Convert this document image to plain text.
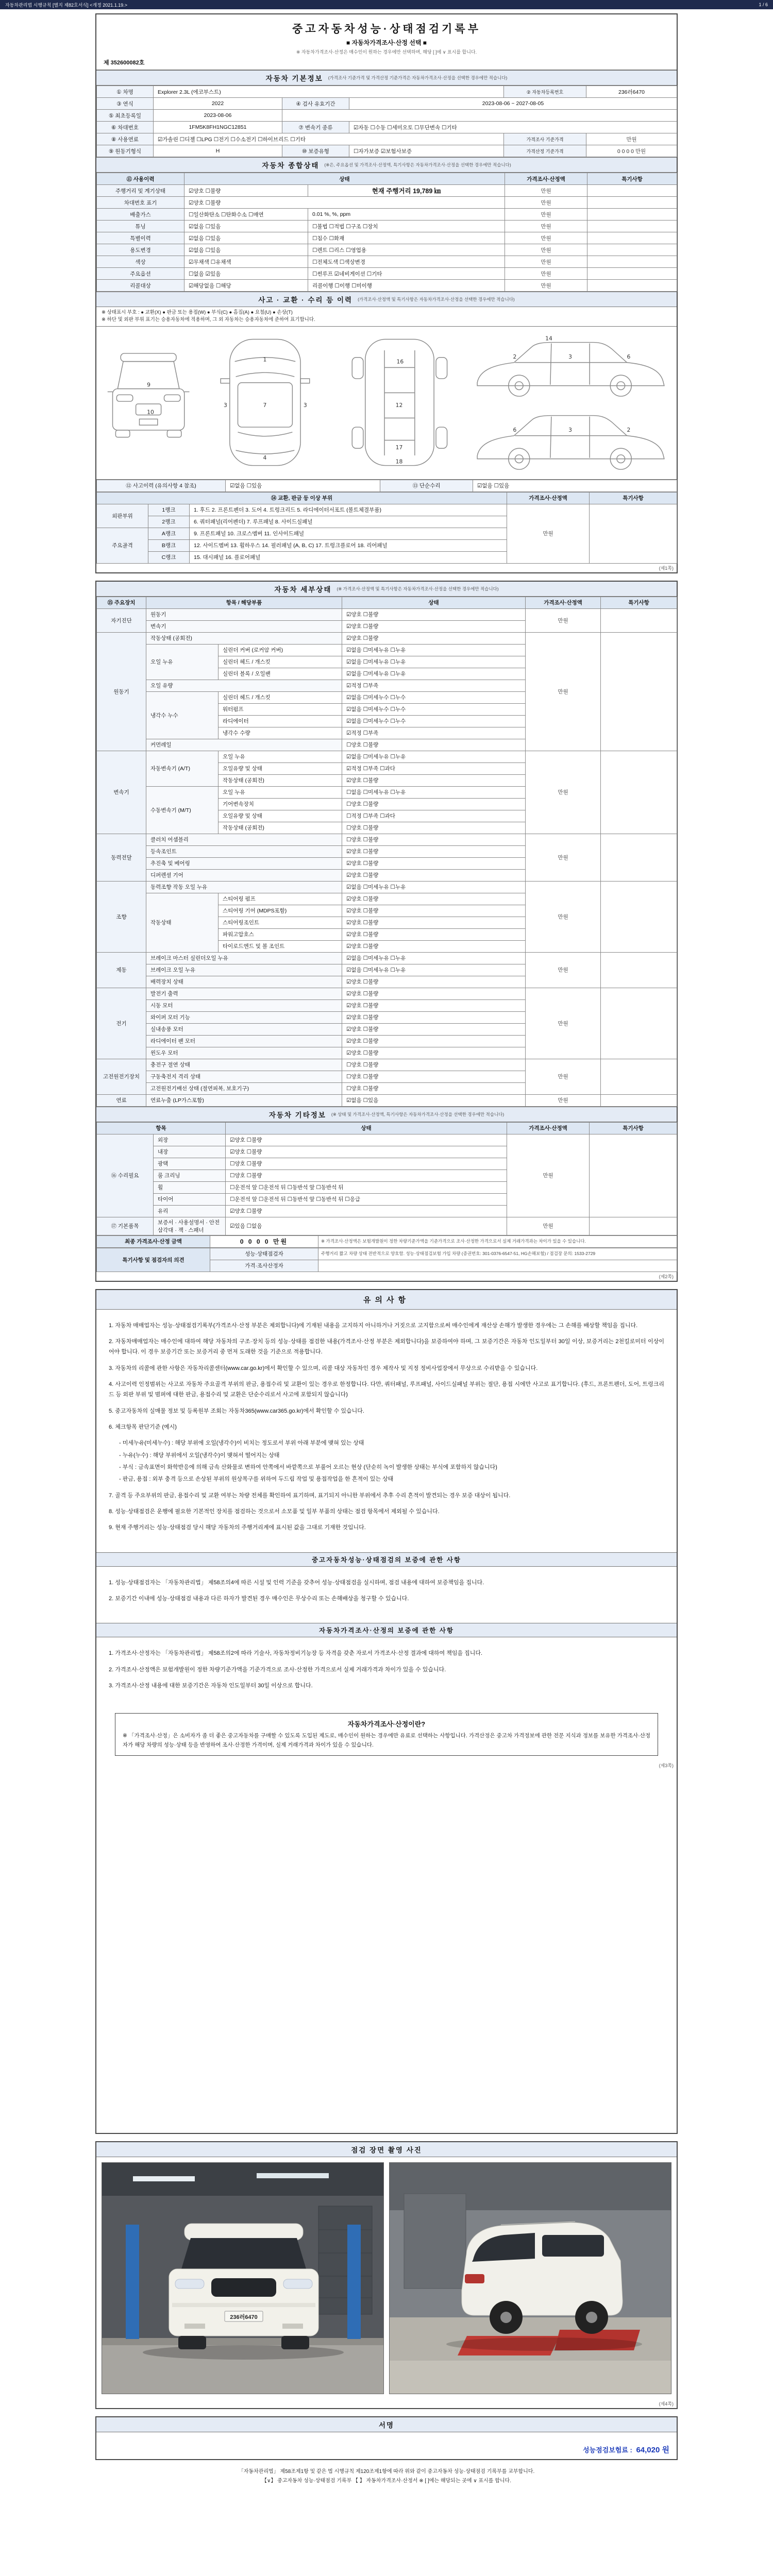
자동차관리법 시행규칙 [별지 제82호서식] <개정 2021.1.19.>	1 / 6
중고자동차성능·상태점검기록부
■ 자동차가격조사·산정 선택 ■
※ 자동차가격조사·산정은 매수인이 원하는 경우에만 선택하며, 해당 [ ]에 ∨ 표시를 합니다.
제 352600082호
자동차 기본정보 (가격조사 기준가격 및 가격산정 기준가격은 자동차가격조사·산정을 선택한 경우에만 적습니다)
① 차명	Explorer 2.3L (에코부스트)			② 자동차등록번호	236러6470
③ 연식	2022	④ 검사 유효기간	2023-08-06 ~ 2027-08-05		
⑤ 최초등록일	2023-08-06				
⑥ 차대번호	1FM5K8FH1NGC12851	⑦ 변속기 종류	☑자동 ☐수동 ☐세미오토 ☐무단변속 ☐기타		
⑧ 사용연료	☑가솔린 ☐디젤 ☐LPG ☐전기 ☐수소전기 ☐하이브리드 ☐기타			가격조사 기준가격	만원
⑨ 원동기형식	H	⑩ 보증유형	☐자가보증 ☑보험사보증	가격산정 기준가격	0 0 0 0 만원
자동차 종합상태 (※은, 주요옵션 및 가격조사·산정액, 특기사항은 자동차가격조사·산정을 선택한 경우에만 적습니다)
⑪ 사용이력	상태		가격조사·산정액	특기사항
주행거리 및 계기상태	☑양호 ☐불량	현재 주행거리 19,789 ㎞	만원	
차대번호 표기	☑양호 ☐불량		만원	
배출가스	☐일산화탄소 ☐탄화수소 ☐매연	0.01 %, %, ppm	만원	
튜닝	☑없음 ☐있음	☐불법 ☐적법 ☐구조 ☐장치	만원	
특별이력	☑없음 ☐있음	☐침수 ☐화재	만원	
용도변경	☑없음 ☐있음	☐렌트 ☐리스 ☐영업용	만원	
색상	☑무채색 ☐유채색	☐전체도색 ☐색상변경	만원	
주요옵션	☐없음 ☑있음	☐썬루프 ☑네비게이션 ☐기타	만원	
리콜대상	☑해당없음 ☐해당	리콜이행 ☐이행 ☐미이행	만원	
사고 · 교환 · 수리 등 이력 (가격조사·산정액 및 특기사항은 자동차가격조사·산정을 선택한 경우에만 적습니다)
※ 상태표시 부호 : ● 교환(X) ● 판금 또는 용접(W) ● 부식(C) ● 흠집(A) ● 요철(U) ● 손상(T)
※ 하단 및 외판 부위 표기는 승용자동차에 적용하며, 그 외 자동차는 승용자동차에 준하여 표기합니다.
9
10
1
7
4
3	3
16
12
17
18
2	3	6
14
6	3	2
⑫ 사고이력 (유의사항 4 참조)	☑없음 ☐있음	⑬ 단순수리	☑없음 ☐있음
⑭ 교환, 판금 등 이상 부위			가격조사·산정액	특기사항
외판부위	1랭크	1. 후드 2. 프론트펜더 3. 도어 4. 트렁크리드 5. 라디에이터서포트 (볼트체결부품)	만원	
	2랭크	6. 쿼터패널(리어펜더) 7. 루프패널 8. 사이드실패널		
주요골격	A랭크	9. 프론트패널 10. 크로스멤버 11. 인사이드패널		
	B랭크	12. 사이드멤버 13. 휠하우스 14. 필러패널 (A, B, C) 17. 트렁크플로어 18. 리어패널		
	C랭크	15. 대시패널 16. 플로어패널		
(제1쪽)
자동차 세부상태 (※ 가격조사·산정액 및 특기사항은 자동차가격조사·산정을 선택한 경우에만 적습니다)
⑮ 주요장치	항목 / 해당부품		상태	가격조사·산정액	특기사항
자기진단	원동기		☑양호 ☐불량	만원	
	변속기		☑양호 ☐불량		
원동기	작동상태 (공회전)		☑양호 ☐불량	만원	
	오일 누유	실린더 커버 (로커암 커버)	☑없음 ☐미세누유 ☐누유		
		실린더 헤드 / 개스킷	☑없음 ☐미세누유 ☐누유		
		실린더 블록 / 오일팬	☑없음 ☐미세누유 ☐누유		
	오일 유량		☑적정 ☐부족		
	냉각수 누수	실린더 헤드 / 개스킷	☑없음 ☐미세누수 ☐누수		
		워터펌프	☑없음 ☐미세누수 ☐누수		
		라디에이터	☑없음 ☐미세누수 ☐누수		
		냉각수 수량	☑적정 ☐부족		
	커먼레일		☐양호 ☐불량		
변속기	자동변속기 (A/T)	오일 누유	☑없음 ☐미세누유 ☐누유	만원	
		오일유량 및 상태	☑적정 ☐부족 ☐과다		
		작동상태 (공회전)	☑양호 ☐불량		
	수동변속기 (M/T)	오일 누유	☐없음 ☐미세누유 ☐누유		
		기어변속장치	☐양호 ☐불량		
		오일유량 및 상태	☐적정 ☐부족 ☐과다		
		작동상태 (공회전)	☐양호 ☐불량		
동력전달	클러치 어셈블리		☐양호 ☐불량	만원	
	등속조인트		☑양호 ☐불량		
	추진축 및 베어링		☑양호 ☐불량		
	디퍼렌셜 기어		☑양호 ☐불량		
조향	동력조향 작동 오일 누유		☑없음 ☐미세누유 ☐누유	만원	
	작동상태	스티어링 펌프	☑양호 ☐불량		
		스티어링 기어 (MDPS포함)	☑양호 ☐불량		
		스티어링조인트	☑양호 ☐불량		
		파워고압호스	☑양호 ☐불량		
		타이로드엔드 및 볼 조인트	☑양호 ☐불량		
제동	브레이크 마스터 실린더오일 누유		☑없음 ☐미세누유 ☐누유	만원	
	브레이크 오일 누유		☑없음 ☐미세누유 ☐누유		
	배력장치 상태		☑양호 ☐불량		
전기	발전기 출력		☑양호 ☐불량	만원	
	시동 모터		☑양호 ☐불량		
	와이퍼 모터 기능		☑양호 ☐불량		
	실내송풍 모터		☑양호 ☐불량		
	라디에이터 팬 모터		☑양호 ☐불량		
	윈도우 모터		☑양호 ☐불량		
고전원전기장치	충전구 절연 상태		☐양호 ☐불량	만원	
	구동축전지 격리 상태		☐양호 ☐불량		
	고전원전기배선 상태 (절연피복, 보호기구)		☐양호 ☐불량		
연료	연료누출 (LP가스포함)		☑없음 ☐있음	만원	
자동차 기타정보 (※ 상태 및 가격조사·산정액, 특기사항은 자동차가격조사·산정을 선택한 경우에만 적습니다)
항목		상태	가격조사·산정액	특기사항
⑯ 수리필요	외장	☑양호 ☐불량	만원	
	내장	☑양호 ☐불량		
	광택	☐양호 ☐불량		
	룸 크리닝	☐양호 ☐불량		
	휠	☐운전석 앞 ☐운전석 뒤 ☐동반석 앞 ☐동반석 뒤		
	타이어	☐운전석 앞 ☐운전석 뒤 ☐동반석 앞 ☐동반석 뒤 ☐응급		
	유리	☑양호 ☐불량		
⑰ 기본품목	보증서 · 사용설명서 · 안전삼각대 · 잭 · 스패너	☑있음 ☐없음	만원	
최종 가격조사·산정 금액	0 0 0 0 만원	※ 가격조사·산정액은 보험개발원이 정한 차량기준가액을 기준가격으로 조사·산정한 가격으로서 실제 거래가격과는 차이가 있을 수 있습니다.
특기사항 및 점검자의 의견	성능·상태점검자	주행거리 짧고 차량 상태 전반적으로 양호함. 성능·상태점검보험 가입 차량 (증권번호: 301-0376-6547-51, HG손해보험) / 점검장 문의: 1533-2729
	가격·조사산정자	
(제2쪽)
유의사항
1. 자동차 매매업자는 성능·상태점검기록부(가격조사·산정 부분은 제외합니다)에 기재된 내용을 고지하지 아니하거나 거짓으로 고지함으로써 매수인에게 재산상 손해가 발생한 경우에는 그 손해를 배상할 책임을 집니다.
2. 자동차매매업자는 매수인에 대하여 해당 자동차의 구조·장치 등의 성능·상태를 점검한 내용(가격조사·산정 부분은 제외합니다)을 보증하여야 하며, 그 보증기간은 자동차 인도일부터 30일 이상, 보증거리는 2천킬로미터 이상이어야 합니다. 이 경우 보증기간 또는 보증거리 중 먼저 도래한 것을 기준으로 적용합니다.
3. 자동차의 리콜에 관한 사항은 자동차리콜센터(www.car.go.kr)에서 확인할 수 있으며, 리콜 대상 자동차인 경우 제작사 및 지정 정비사업장에서 무상으로 수리받을 수 있습니다.
4. 사고이력 인정범위는 사고로 자동차 주요골격 부위의 판금, 용접수리 및 교환이 있는 경우로 한정합니다. 다만, 쿼터패널, 루프패널, 사이드실패널 부위는 절단, 용접 시에만 사고로 표기합니다. (후드, 프론트펜더, 도어, 트렁크리드 등 외판 부위 및 범퍼에 대한 판금, 용접수리 및 교환은 단순수리로서 사고에 포함되지 않습니다)
5. 중고자동차의 실매물 정보 및 등록원부 조회는 자동차365(www.car365.go.kr)에서 확인할 수 있습니다.
6. 체크항목 판단기준 (예시)
- 미세누유(미세누수) : 해당 부위에 오일(냉각수)이 비치는 정도로서 부위 아래 부분에 맺혀 있는 상태
- 누유(누수) : 해당 부위에서 오일(냉각수)이 맺혀서 떨어지는 상태
- 부식 : 금속표면이 화학반응에 의해 금속 산화물로 변하여 안쪽에서 바깥쪽으로 부풀어 오르는 현상 (단순히 녹이 발생한 상태는 부식에 포함하지 않습니다)
- 판금, 용접 : 외부 충격 등으로 손상된 부위의 원상복구를 위하여 두드림 작업 및 용접작업을 한 흔적이 있는 상태
7. 골격 등 주요부위의 판금, 용접수리 및 교환 여부는 차량 전체를 확인하여 표기하며, 표기되지 아니한 부위에서 추후 수리 흔적이 발견되는 경우 보증 대상이 됩니다.
8. 성능·상태점검은 운행에 필요한 기본적인 장치를 점검하는 것으로서 소모품 및 일부 부품의 상태는 점검 항목에서 제외될 수 있습니다.
9. 현재 주행거리는 성능·상태점검 당시 해당 자동차의 주행거리계에 표시된 값을 그대로 기재한 것입니다.
중고자동차성능·상태점검의 보증에 관한 사항
1. 성능·상태점검자는 「자동차관리법」 제58조의4에 따른 시설 및 인력 기준을 갖추어 성능·상태점검을 실시하며, 점검 내용에 대하여 보증책임을 집니다.
2. 보증기간 이내에 성능·상태점검 내용과 다른 하자가 발견된 경우 매수인은 무상수리 또는 손해배상을 청구할 수 있습니다.
자동차가격조사·산정의 보증에 관한 사항
1. 가격조사·산정자는 「자동차관리법」 제58조의2에 따라 기술사, 자동차정비기능장 등 자격을 갖춘 자로서 가격조사·산정 결과에 대하여 책임을 집니다.
2. 가격조사·산정액은 보험개발원이 정한 차량기준가액을 기준가격으로 조사·산정한 가격으로서 실제 거래가격과 차이가 있을 수 있습니다.
3. 가격조사·산정 내용에 대한 보증기간은 자동차 인도일부터 30일 이상으로 합니다.
자동차가격조사·산정이란?
※ 「가격조사·산정」은 소비자가 좀 더 좋은 중고자동차를 구매할 수 있도록 도입된 제도로, 매수인이 원하는 경우에만 유료로 선택하는 사항입니다. 가격산정은 중고차 가격정보에 관한 전문 지식과 정보를 보유한 가격조사·산정자가 해당 차량의 성능·상태 등을 반영하여 조사·산정한 가격이며, 실제 거래가격과 차이가 있을 수 있습니다.
(제3쪽)
점검 장면 촬영 사진
236러6470
(제4쪽)
서명
성능점검보험료 : 64,020 원
「자동차관리법」 제58조제1항 및 같은 법 시행규칙 제120조제1항에 따라 위와 같이 중고자동차 성능·상태점검 기록부를 교부합니다.
【∨】 중고자동차 성능·상태점검 기록부 【 】 자동차가격조사·산정서 ※ [ ]에는 해당되는 곳에 ∨ 표시를 합니다.
